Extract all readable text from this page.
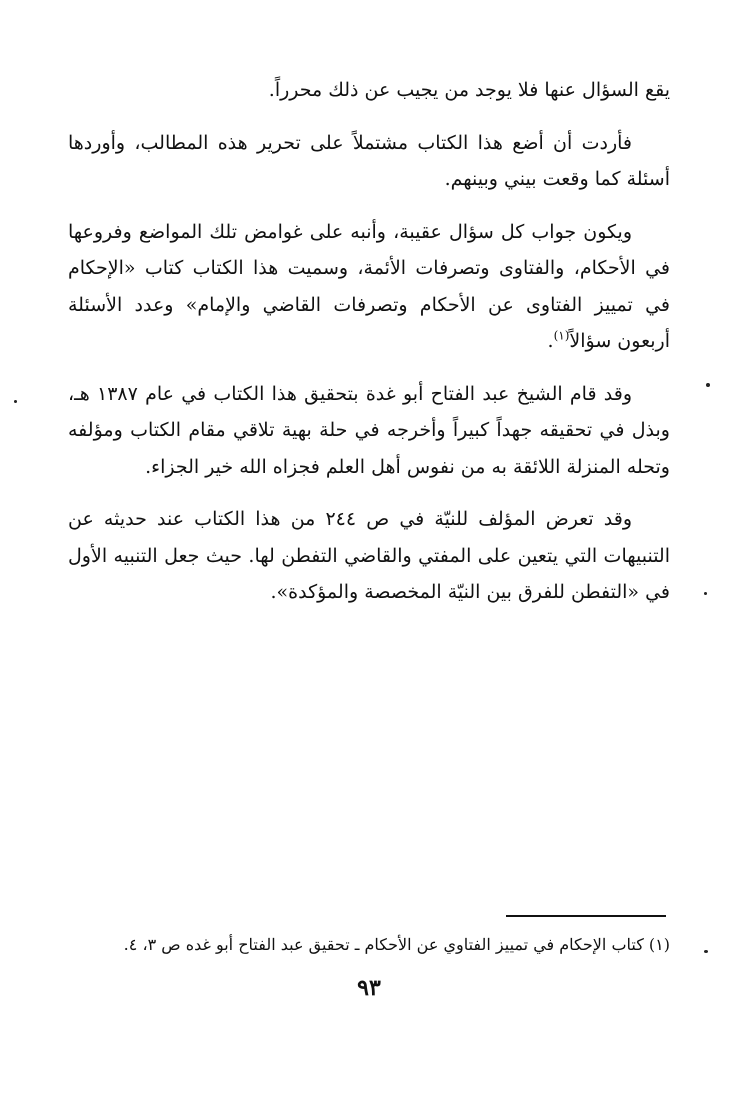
يقع السؤال عنها فلا يوجد من يجيب عن ذلك محرراً.

فأردت أن أضع هذا الكتاب مشتملاً على تحرير هذه المطالب، وأوردها أسئلة كما وقعت بيني وبينهم.

ويكون جواب كل سؤال عقيبة، وأنبه على غوامض تلك المواضع وفروعها في الأحكام، والفتاوى وتصرفات الأئمة، وسميت هذا الكتاب كتاب «الإحكام في تمييز الفتاوى عن الأحكام وتصرفات القاضي والإمام» وعدد الأسئلة أربعون سؤالاً$^{(١)}$.

وقد قام الشيخ عبد الفتاح أبو غدة بتحقيق هذا الكتاب في عام ١٣٨٧ هـ، وبذل في تحقيقه جهداً كبيراً وأخرجه في حلة بهية تلاقي مقام الكتاب ومؤلفه وتحله المنزلة اللائقة به من نفوس أهل العلم فجزاه الله خير الجزاء.

وقد تعرض المؤلف للنيّة في ص ٢٤٤ من هذا الكتاب عند حديثه عن التنبيهات التي يتعين على المفتي والقاضي التفطن لها. حيث جعل التنبيه الأول في «التفطن للفرق بين النيّة المخصصة والمؤكدة».

(١) كتاب الإحكام في تمييز الفتاوي عن الأحكام ـ تحقيق عبد الفتاح أبو غده ص ٣، ٤.
٩٣
